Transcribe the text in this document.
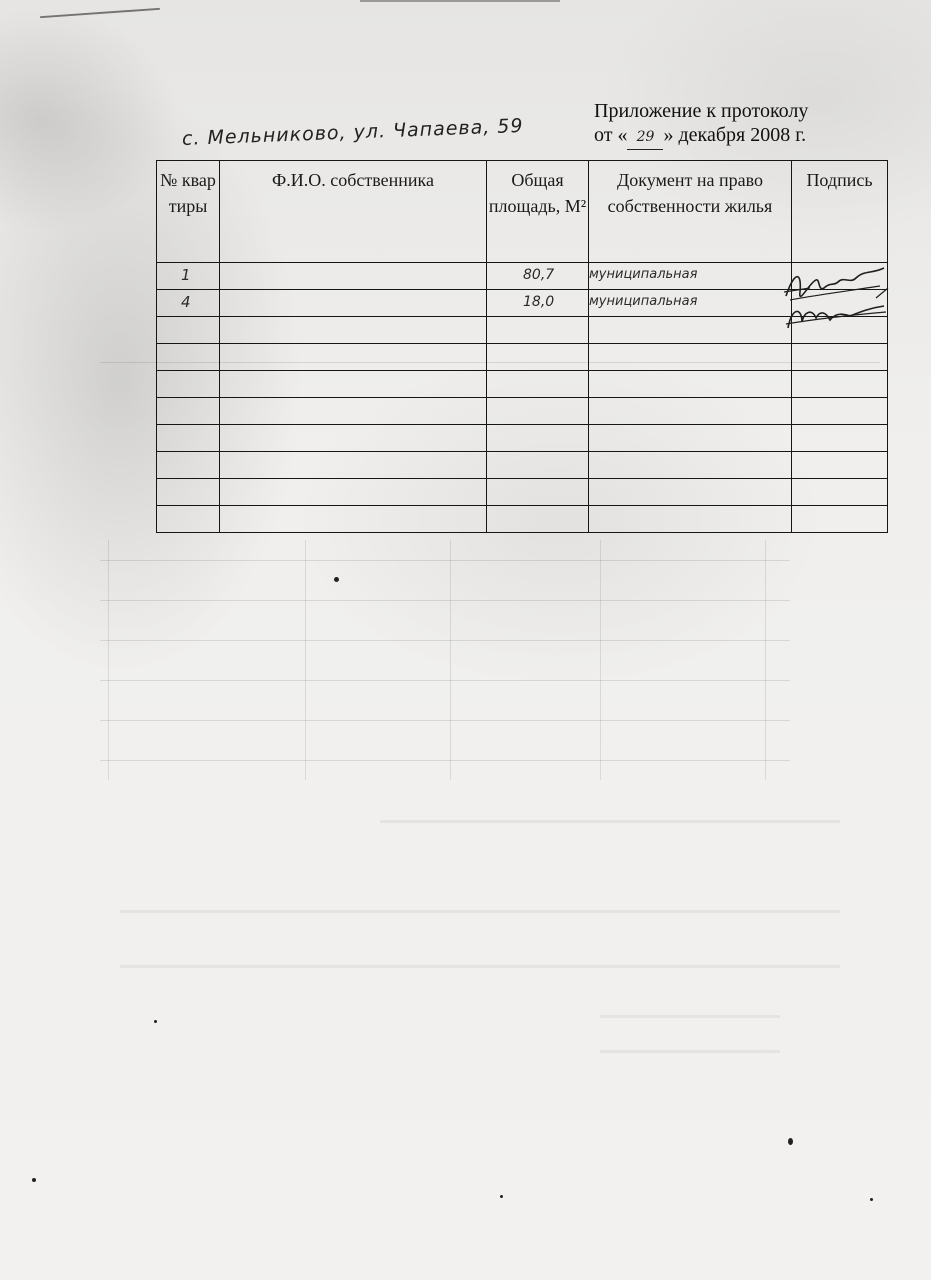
Приложение к протоколу
от « 29 » декабря 2008 г.
с. Мельниково, ул. Чапаева, 59
№ квар тиры	Ф.И.О. собственника	Общая площадь, М²	Документ на право собственности жилья	Подпись
1		80,7	муниципальная	
4		18,0	муниципальная	
